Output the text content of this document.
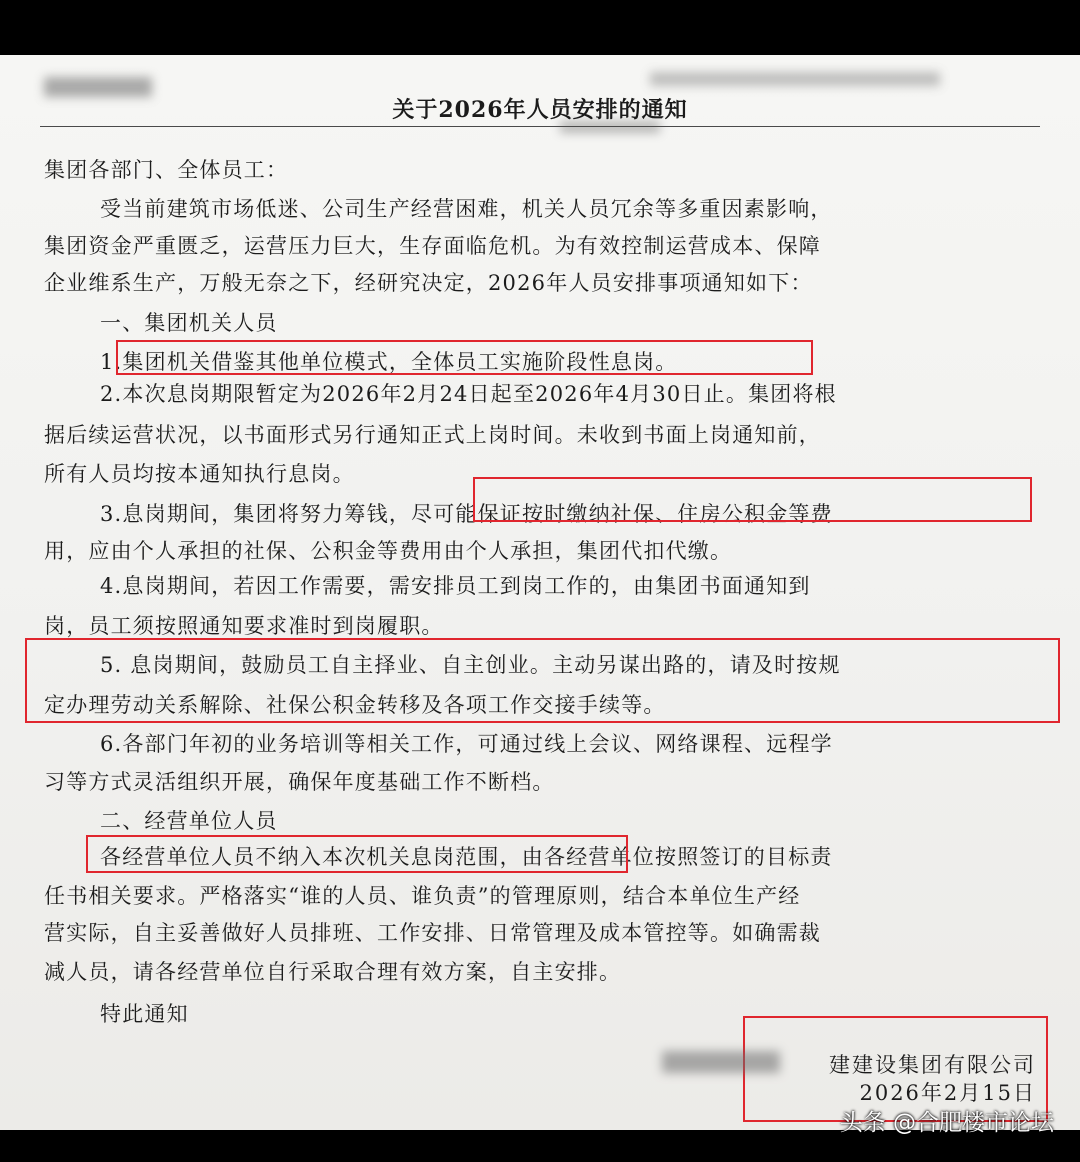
关于2026年人员安排的通知
集团各部门、全体员工：
受当前建筑市场低迷、公司生产经营困难，机关人员冗余等多重因素影响，
集团资金严重匮乏，运营压力巨大，生存面临危机。为有效控制运营成本、保障
企业维系生产，万般无奈之下，经研究决定，2026年人员安排事项通知如下：
一、集团机关人员
1.集团机关借鉴其他单位模式，全体员工实施阶段性息岗。
2.本次息岗期限暂定为2026年2月24日起至2026年4月30日止。集团将根
据后续运营状况，以书面形式另行通知正式上岗时间。未收到书面上岗通知前，
所有人员均按本通知执行息岗。
3.息岗期间，集团将努力筹钱，尽可能保证按时缴纳社保、住房公积金等费
用，应由个人承担的社保、公积金等费用由个人承担，集团代扣代缴。
4.息岗期间，若因工作需要，需安排员工到岗工作的，由集团书面通知到
岗，员工须按照通知要求准时到岗履职。
5. 息岗期间，鼓励员工自主择业、自主创业。主动另谋出路的，请及时按规
定办理劳动关系解除、社保公积金转移及各项工作交接手续等。
6.各部门年初的业务培训等相关工作，可通过线上会议、网络课程、远程学
习等方式灵活组织开展，确保年度基础工作不断档。
二、经营单位人员
各经营单位人员不纳入本次机关息岗范围，由各经营单位按照签订的目标责
任书相关要求。严格落实“谁的人员、谁负责”的管理原则，结合本单位生产经
营实际，自主妥善做好人员排班、工作安排、日常管理及成本管控等。如确需裁
减人员，请各经营单位自行采取合理有效方案，自主安排。
特此通知
建建设集团有限公司
2026年2月15日
头条 @合肥楼市论坛
